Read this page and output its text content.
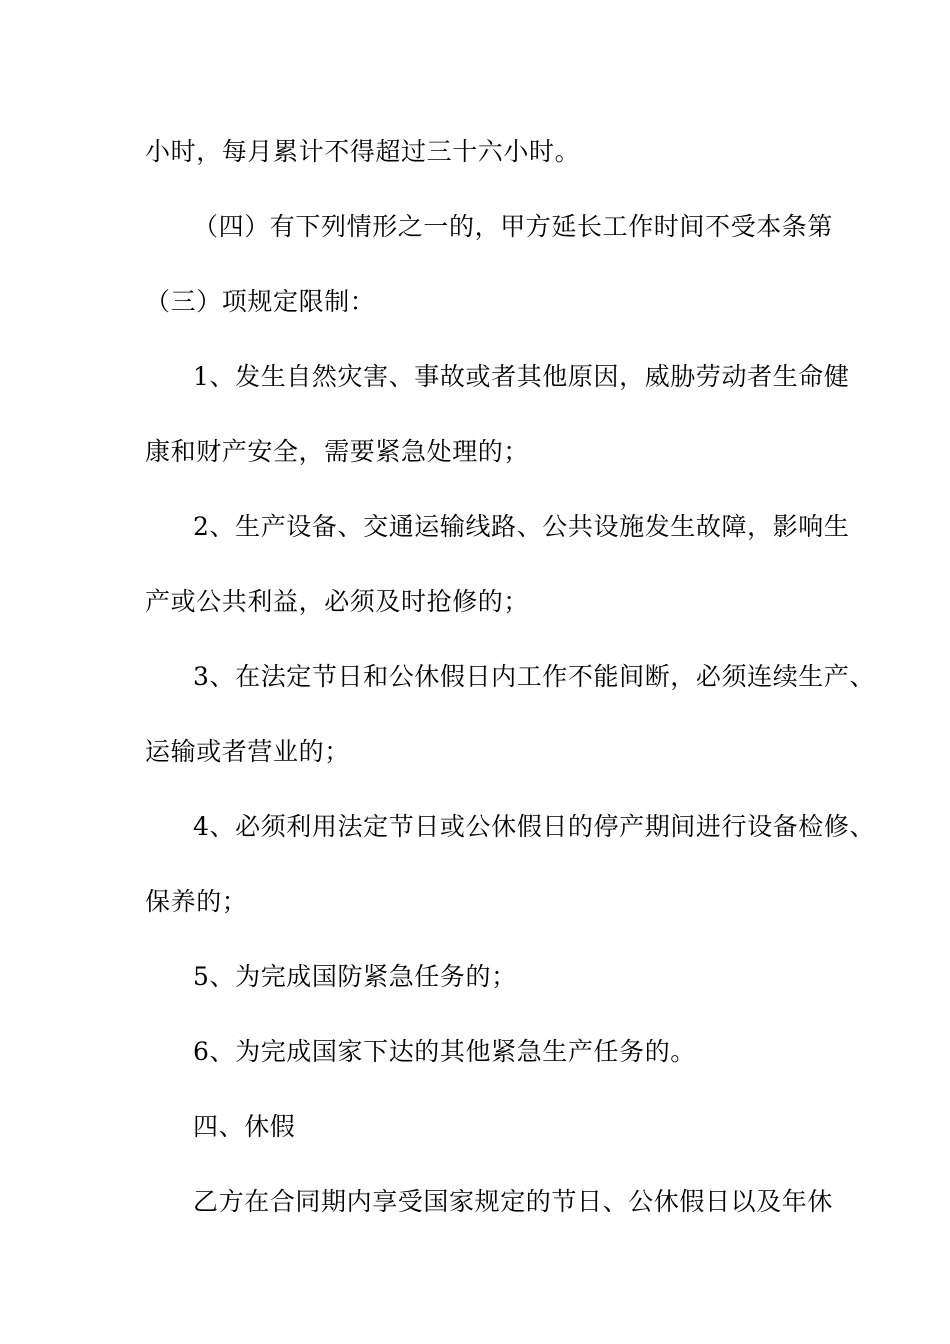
小时，每月累计不得超过三十六小时。
（四）有下列情形之一的，甲方延长工作时间不受本条第
（三）项规定限制：
1、发生自然灾害、事故或者其他原因，威胁劳动者生命健
康和财产安全，需要紧急处理的；
2、生产设备、交通运输线路、公共设施发生故障，影响生
产或公共利益，必须及时抢修的；
3、在法定节日和公休假日内工作不能间断，必须连续生产、
运输或者营业的；
4、必须利用法定节日或公休假日的停产期间进行设备检修、
保养的；
5、为完成国防紧急任务的；
6、为完成国家下达的其他紧急生产任务的。
四、休假
乙方在合同期内享受国家规定的节日、公休假日以及年休
